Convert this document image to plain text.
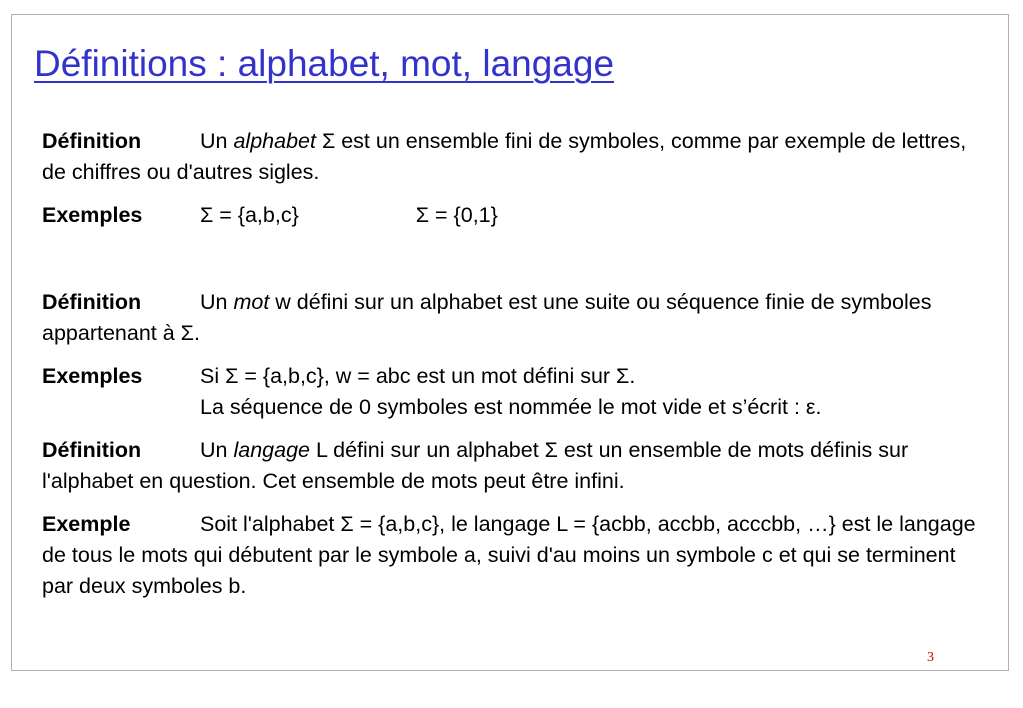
Définitions : alphabet, mot, langage

Définition	Un alphabet Σ est un ensemble fini de symboles, comme par exemple de lettres, de chiffres ou d'autres sigles.

Exemples	Σ = {a,b,c}	Σ = {0,1}

Définition	Un mot w défini sur un alphabet est une suite ou séquence finie de symboles appartenant à Σ.

Exemples	Si Σ = {a,b,c}, w = abc est un mot défini sur Σ.
La séquence de 0 symboles est nommée le mot vide et s’écrit : ε.

Définition	Un langage L défini sur un alphabet Σ est un ensemble de mots définis sur l'alphabet en question. Cet ensemble de mots peut être infini.

Exemple	Soit l'alphabet Σ = {a,b,c}, le langage L = {acbb, accbb, acccbb, …} est le langage de tous le mots qui débutent par le symbole a, suivi d'au moins un symbole c et qui se terminent par deux symboles b.

3
